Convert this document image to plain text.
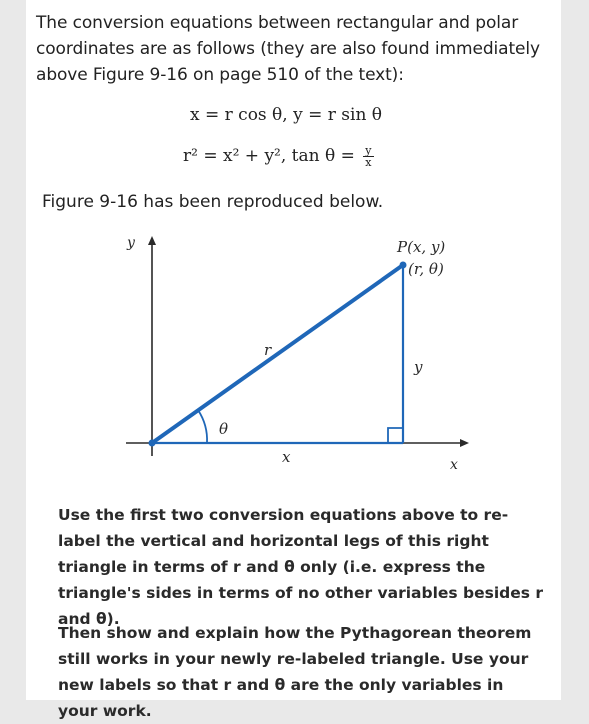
The conversion equations between rectangular and polar coordinates are as follows (they are also found immediately above Figure 9-16 on page 510 of the text):
x = r cos θ, y = r sin θ
r² = x² + y², $\tan \theta = \frac{y}{x}$
Figure 9-16 has been reproduced below.
y
x
P(x, y)
(r, θ)
r
y
x
θ
Use the first two conversion equations above to re-label the vertical and horizontal legs of this right triangle in terms of r and θ only (i.e. express the triangle's sides in terms of no other variables besides r and θ).
Then show and explain how the Pythagorean theorem still works in your newly re-labeled triangle. Use your new labels so that r and θ are the only variables in your work.
